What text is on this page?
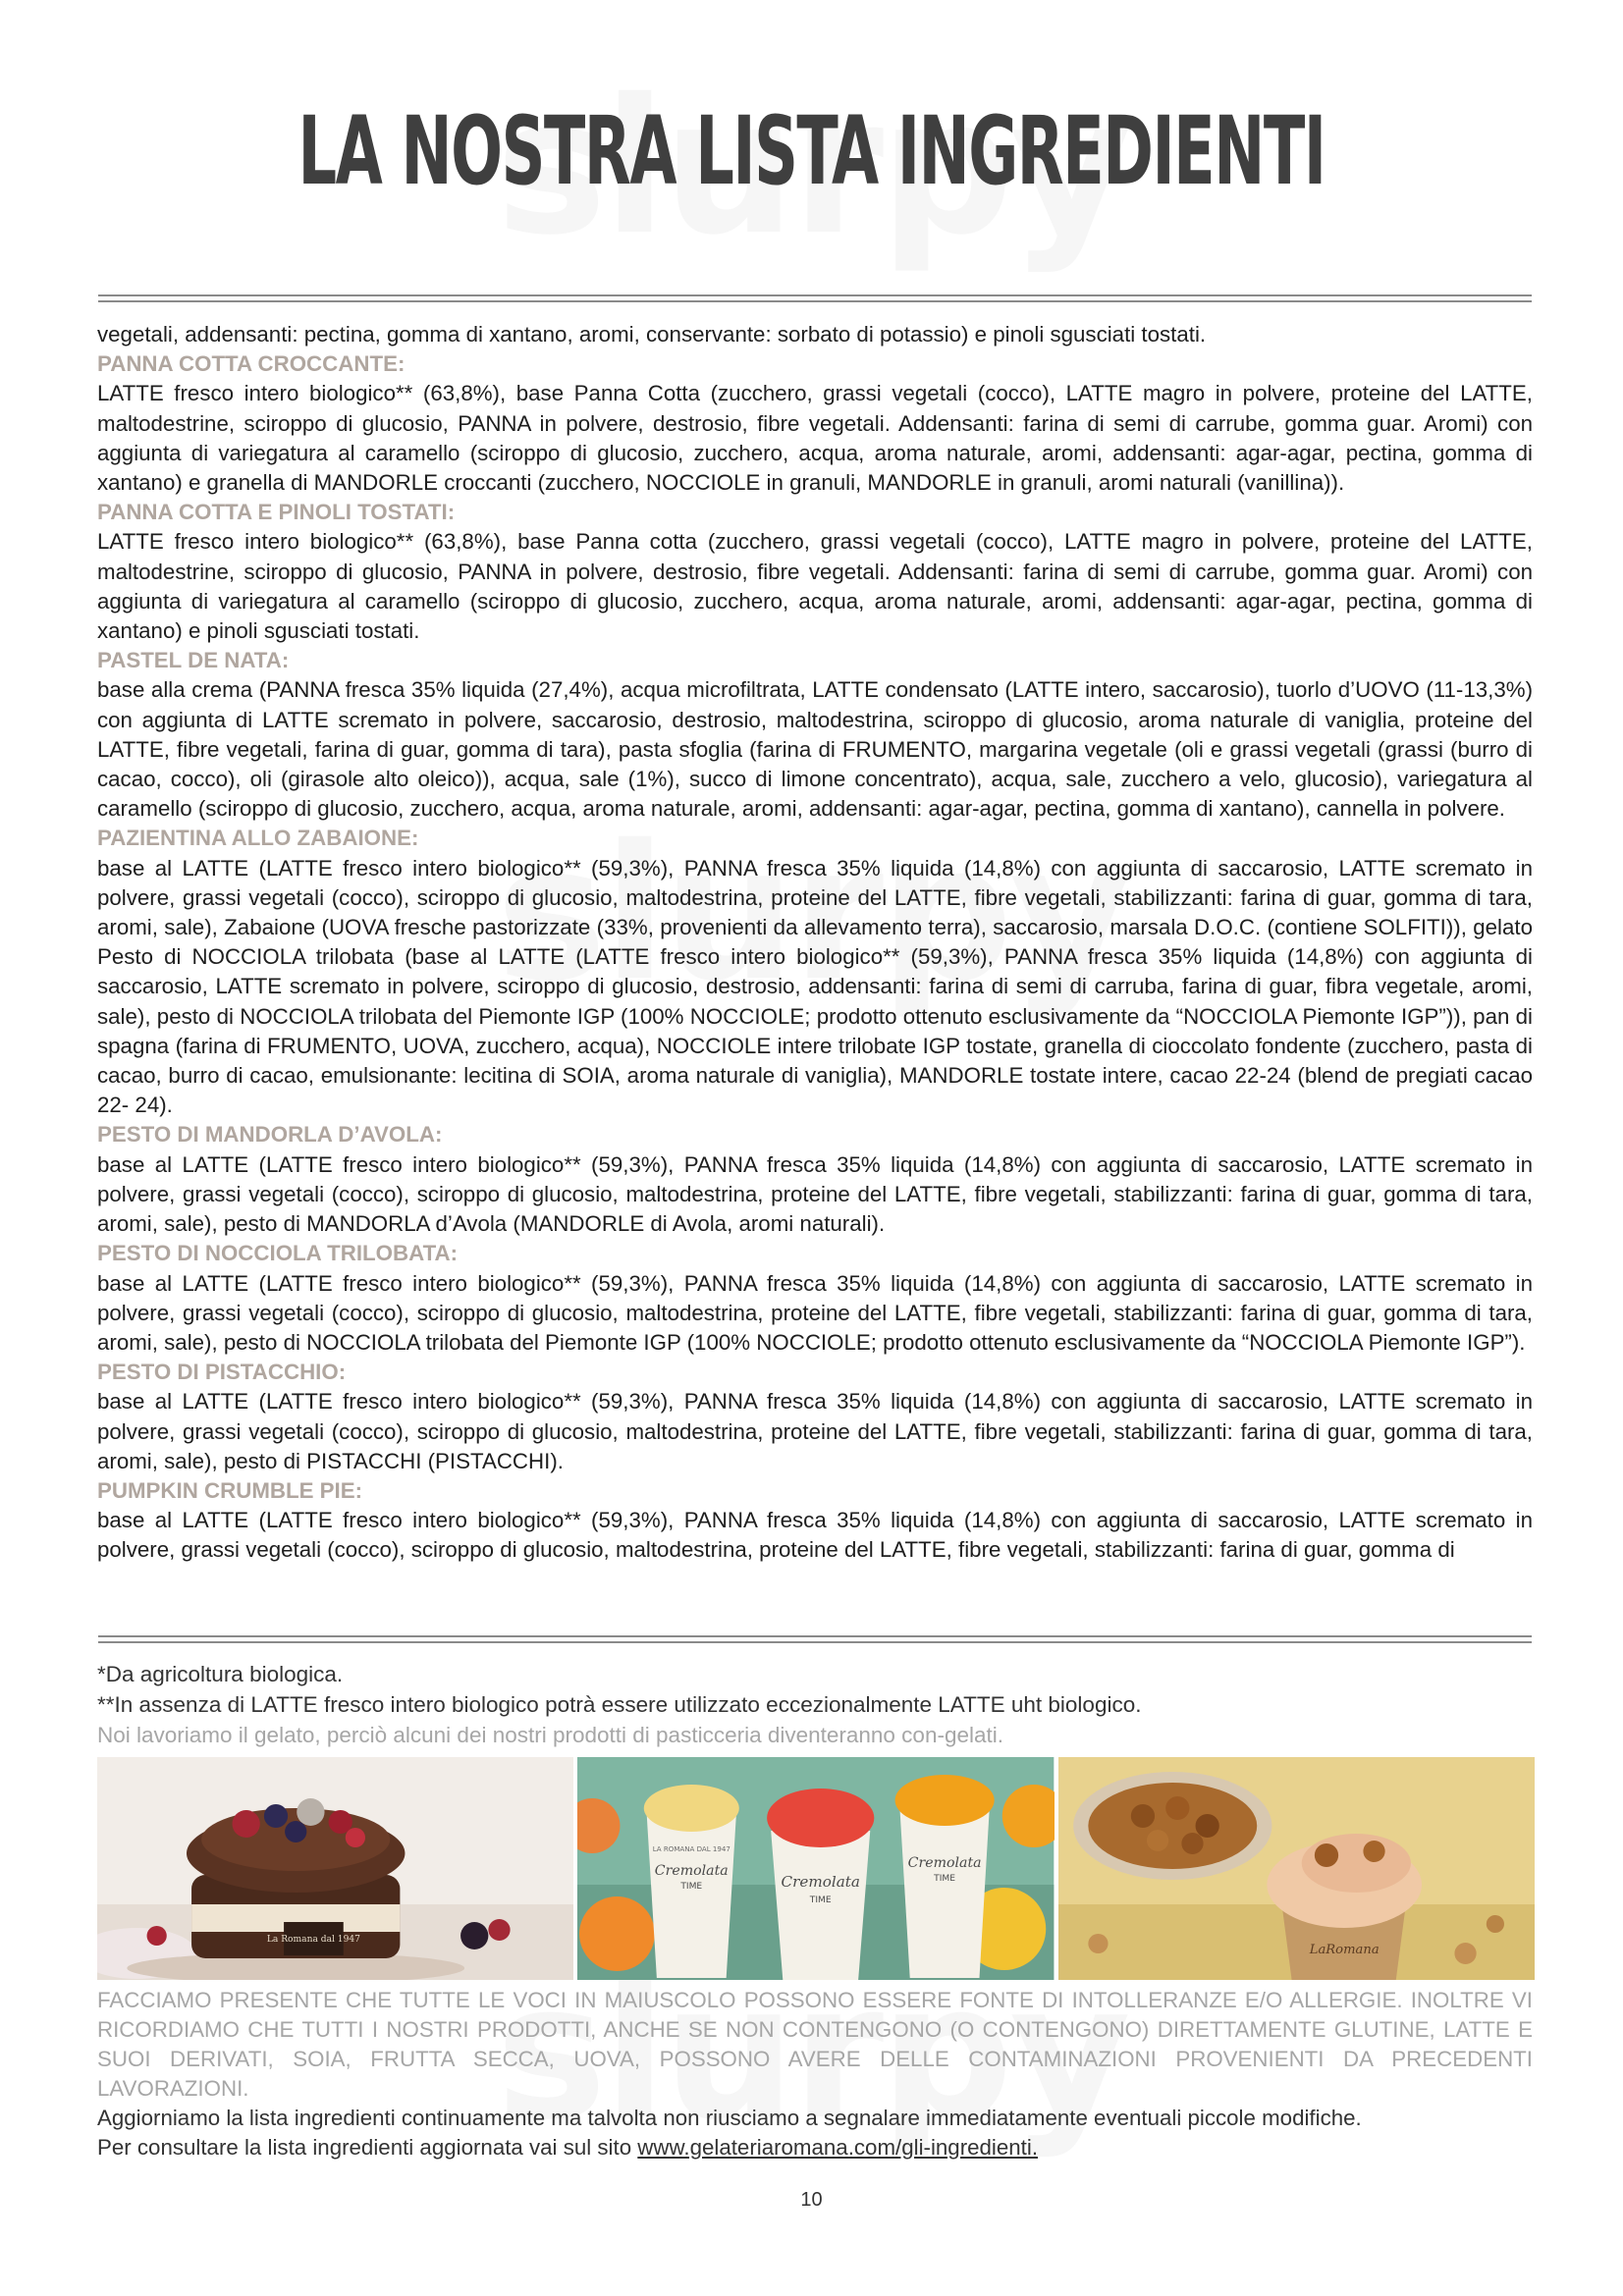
LA NOSTRA LISTA INGREDIENTI

vegetali, addensanti: pectina, gomma di xantano, aromi, conservante: sorbato di potassio) e pinoli sgusciati tostati.

PANNA COTTA CROCCANTE:

LATTE fresco intero biologico** (63,8%), base Panna Cotta (zucchero, grassi vegetali (cocco), LATTE magro in polvere, proteine del LATTE, maltodestrine, sciroppo di glucosio, PANNA in polvere, destrosio, fibre vegetali. Addensanti: farina di semi di carrube, gomma guar. Aromi) con aggiunta di variegatura al caramello (sciroppo di glucosio, zucchero, acqua, aroma naturale, aromi, addensanti: agar-agar, pectina, gomma di xantano) e granella di MANDORLE croccanti (zucchero, NOCCIOLE in granuli, MANDORLE in granuli, aromi naturali (vanillina)).

PANNA COTTA E PINOLI TOSTATI:

LATTE fresco intero biologico** (63,8%), base Panna cotta (zucchero, grassi vegetali (cocco), LATTE magro in polvere, proteine del LATTE, maltodestrine, sciroppo di glucosio, PANNA in polvere, destrosio, fibre vegetali. Addensanti: farina di semi di carrube, gomma guar. Aromi) con aggiunta di variegatura al caramello (sciroppo di glucosio, zucchero, acqua, aroma naturale, aromi, addensanti: agar-agar, pectina, gomma di xantano) e pinoli sgusciati tostati.

PASTEL DE NATA:

base alla crema (PANNA fresca 35% liquida (27,4%), acqua microfiltrata, LATTE condensato (LATTE intero, saccarosio), tuorlo d’UOVO (11-13,3%) con aggiunta di LATTE scremato in polvere, saccarosio, destrosio, maltodestrina, sciroppo di glucosio, aroma naturale di vaniglia, proteine del LATTE, fibre vegetali, farina di guar, gomma di tara), pasta sfoglia (farina di FRUMENTO, margarina vegetale (oli e grassi vegetali (grassi (burro di cacao, cocco), oli (girasole alto oleico)), acqua, sale (1%), succo di limone concentrato), acqua, sale, zucchero a velo, glucosio), variegatura al caramello (sciroppo di glucosio, zucchero, acqua, aroma naturale, aromi, addensanti: agar-agar, pectina, gomma di xantano), cannella in polvere.

PAZIENTINA ALLO ZABAIONE:

base al LATTE (LATTE fresco intero biologico** (59,3%), PANNA fresca 35% liquida (14,8%) con aggiunta di saccarosio, LATTE scremato in polvere, grassi vegetali (cocco), sciroppo di glucosio, maltodestrina, proteine del LATTE, fibre vegetali, stabilizzanti: farina di guar, gomma di tara, aromi, sale), Zabaione (UOVA fresche pastorizzate (33%, provenienti da allevamento terra), saccarosio, marsala D.O.C. (contiene SOLFITI)), gelato Pesto di NOCCIOLA trilobata (base al LATTE (LATTE fresco intero biologico** (59,3%), PANNA fresca 35% liquida (14,8%) con aggiunta di saccarosio, LATTE scremato in polvere, sciroppo di glucosio, destrosio, addensanti: farina di semi di carruba, farina di guar, fibra vegetale, aromi, sale), pesto di NOCCIOLA trilobata del Piemonte IGP (100% NOCCIOLE; prodotto ottenuto esclusivamente da “NOCCIOLA Piemonte IGP”)), pan di spagna (farina di FRUMENTO, UOVA, zucchero, acqua), NOCCIOLE intere trilobate IGP tostate, granella di cioccolato fondente (zucchero, pasta di cacao, burro di cacao, emulsionante: lecitina di SOIA, aroma naturale di vaniglia), MANDORLE tostate intere, cacao 22-24 (blend de pregiati cacao 22- 24).

PESTO DI MANDORLA D’AVOLA:

base al LATTE (LATTE fresco intero biologico** (59,3%), PANNA fresca 35% liquida (14,8%) con aggiunta di saccarosio, LATTE scremato in polvere, grassi vegetali (cocco), sciroppo di glucosio, maltodestrina, proteine del LATTE, fibre vegetali, stabilizzanti: farina di guar, gomma di tara, aromi, sale), pesto di MANDORLA d’Avola (MANDORLE di Avola, aromi naturali).

PESTO DI NOCCIOLA TRILOBATA:

base al LATTE (LATTE fresco intero biologico** (59,3%), PANNA fresca 35% liquida (14,8%) con aggiunta di saccarosio, LATTE scremato in polvere, grassi vegetali (cocco), sciroppo di glucosio, maltodestrina, proteine del LATTE, fibre vegetali, stabilizzanti: farina di guar, gomma di tara, aromi, sale), pesto di NOCCIOLA trilobata del Piemonte IGP (100% NOCCIOLE; prodotto ottenuto esclusivamente da “NOCCIOLA Piemonte IGP”).

PESTO DI PISTACCHIO:

base al LATTE (LATTE fresco intero biologico** (59,3%), PANNA fresca 35% liquida (14,8%) con aggiunta di saccarosio, LATTE scremato in polvere, grassi vegetali (cocco), sciroppo di glucosio, maltodestrina, proteine del LATTE, fibre vegetali, stabilizzanti: farina di guar, gomma di tara, aromi, sale), pesto di PISTACCHI (PISTACCHI).

PUMPKIN CRUMBLE PIE:

base al LATTE (LATTE fresco intero biologico** (59,3%), PANNA fresca 35% liquida (14,8%) con aggiunta di saccarosio, LATTE scremato in polvere, grassi vegetali (cocco), sciroppo di glucosio, maltodestrina, proteine del LATTE, fibre vegetali, stabilizzanti: farina di guar, gomma di

*Da agricoltura biologica.
**In assenza di LATTE fresco intero biologico potrà essere utilizzato eccezionalmente LATTE uht biologico.
Noi lavoriamo il gelato, perciò alcuni dei nostri prodotti di pasticceria diventeranno con-gelati.
La Romana dal 1947
LA ROMANA DAL 1947
Cremolata
TIME	Cremolata
TIME
Cremolata
TIME
LaRomana
FACCIAMO PRESENTE CHE TUTTE LE VOCI IN MAIUSCOLO POSSONO ESSERE FONTE DI INTOLLERANZE E/O ALLERGIE. INOLTRE VI RICORDIAMO CHE TUTTI I NOSTRI PRODOTTI, ANCHE SE NON CONTENGONO (O CONTENGONO) DIRETTAMENTE GLUTINE, LATTE E SUOI DERIVATI, SOIA, FRUTTA SECCA, UOVA, POSSONO AVERE DELLE CONTAMINAZIONI PROVENIENTI DA PRECEDENTI LAVORAZIONI.
Aggiorniamo la lista ingredienti continuamente ma talvolta non riusciamo a segnalare immediatamente eventuali piccole modifiche.
Per consultare la lista ingredienti aggiornata vai sul sito www.gelateriaromana.com/gli-ingredienti.
10
